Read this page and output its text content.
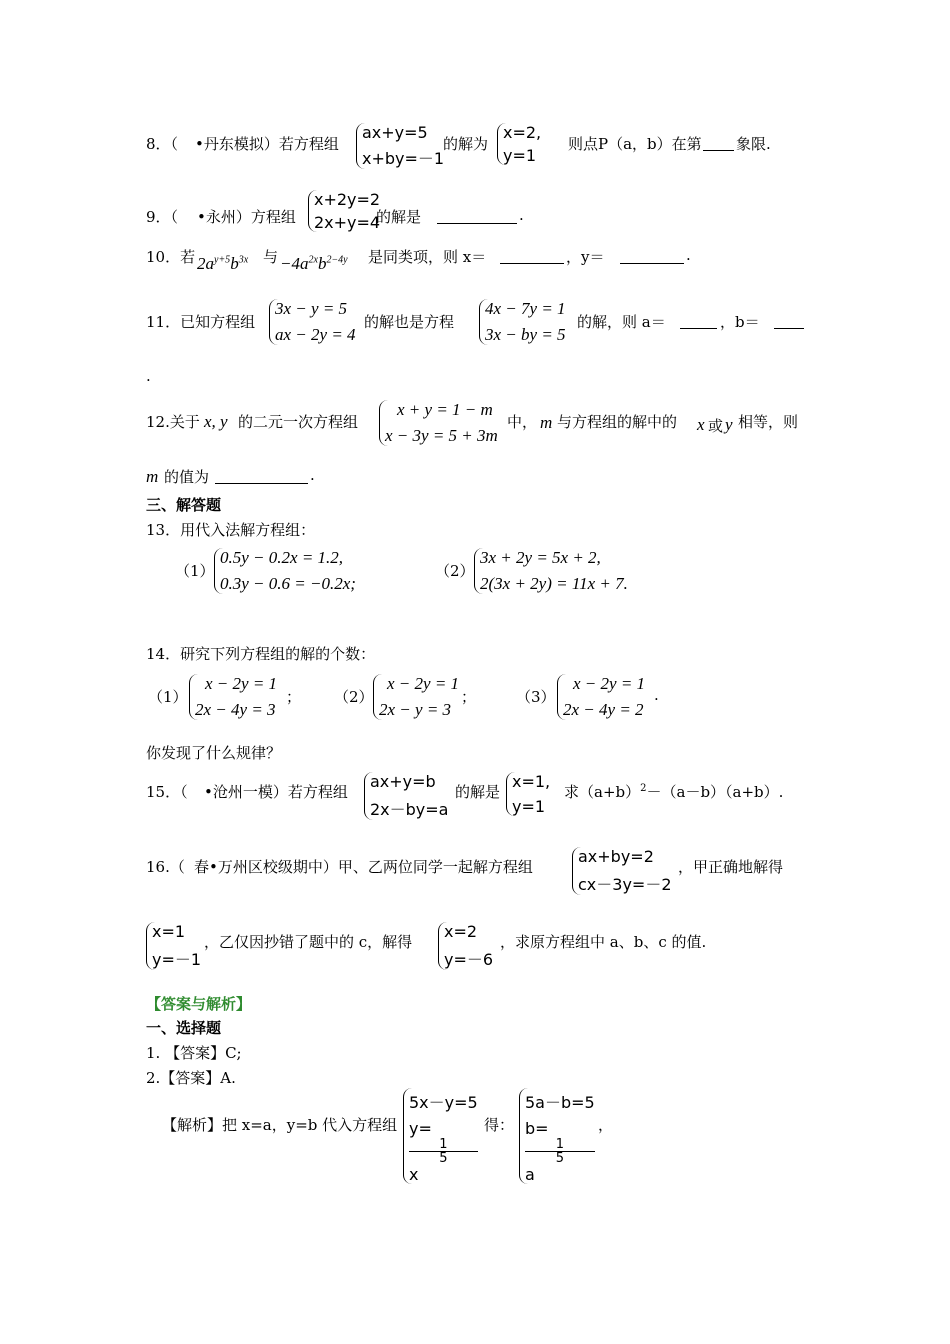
8．（ •丹东模拟）若方程组
ax+y=5
x+by=－1
的解为
x=2,
y=1
则点P（a，b）在第 象限.
9．（ •永州）方程组
x+2y=2
2x+y=4
的解是	.
10．若 $2a^{y+5}b^{3x}$ 与 $-4a^{2x}b^{2-4y}$ 是同类项，则 x＝	，y＝	.
11．已知方程组
3x − y = 5
ax − 2y = 4
的解也是方程
4x − 7y = 1
3x − by = 5
的解，则 a＝	，b＝
.
12.关于 x, y 的二元一次方程组
x + y = 1 − m
x − 3y = 5 + 3m
中， m 与方程组的解中的 x 或 y 相等，则
m 的值为	.
三、解答题
13．用代入法解方程组：
（1）
0.5y − 0.2x = 1.2,
0.3y − 0.6 = −0.2x;
（2）
3x + 2y = 5x + 2,
2(3x + 2y) = 11x + 7.
14．研究下列方程组的解的个数：
（1）
x − 2y = 1
2x − 4y = 3
； （2）
x − 2y = 1
2x − y = 3
；	（3）
x − 2y = 1
2x − 4y = 2
.
你发现了什么规律？
15．（ •沧州一模）若方程组
ax+y=b
2x－by=a
的解是
x=1,
y=1
求$(a+b)^2-(a-b)(a+b)$.
16.（ 春•万州区校级期中）甲、乙两位同学一起解方程组
ax+by=2
cx－3y=－2
，甲正确地解得
x=1
y=－1
，乙仅因抄错了题中的 c，解得
x=2
y=－6
，求原方程组中 a、b、c 的值.
【答案与解析】
一、选择题
1. 【答案】C;
2.【答案】A.
【解析】把 x=a，y=b 代入方程组
5x－y=5
y=
1
5
x
得：
5a－b=5
b=
1
5
a
，
